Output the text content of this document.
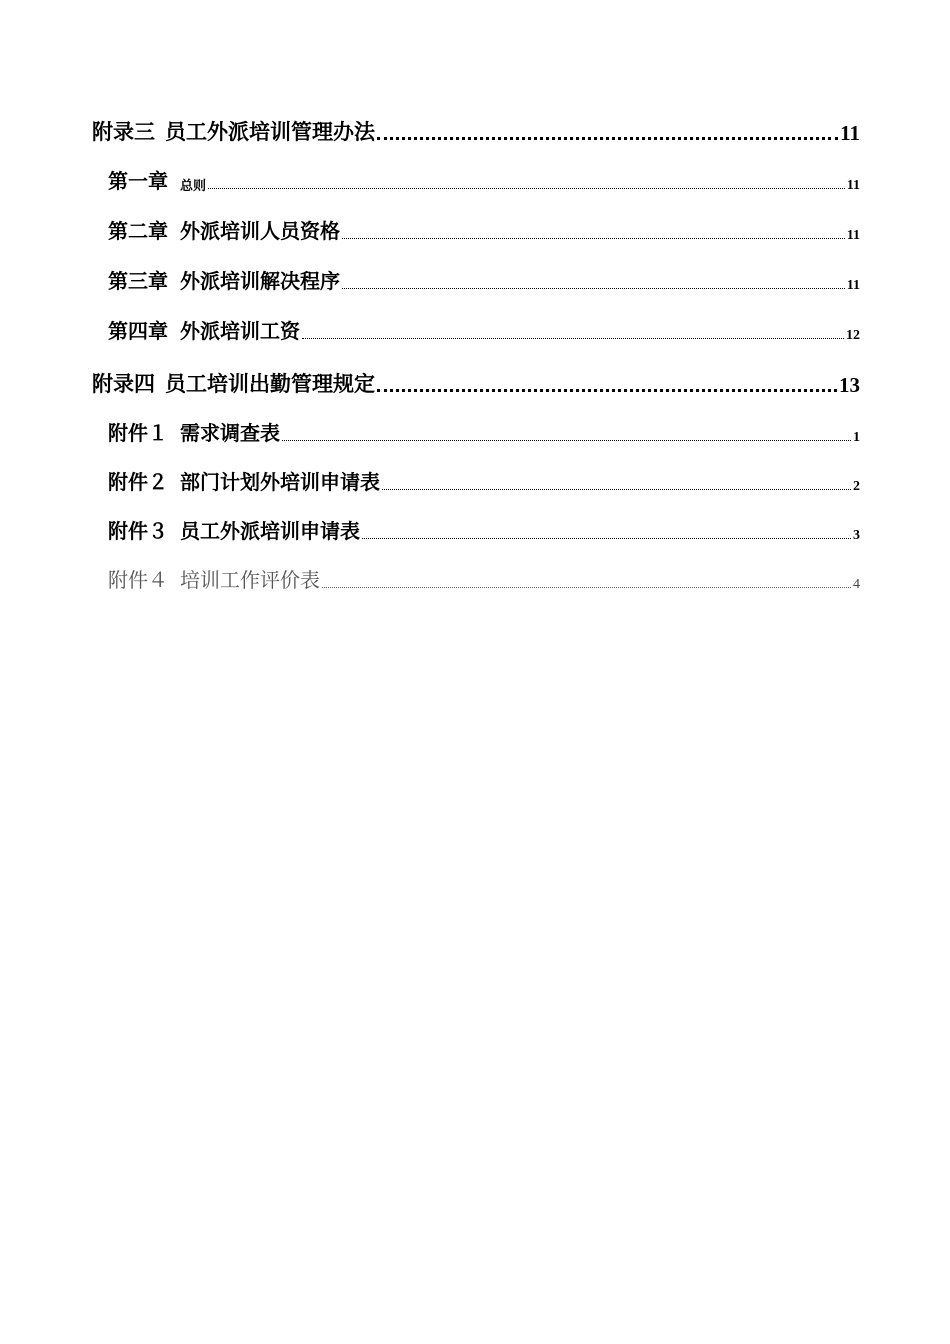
附录三 员工外派培训管理办法	11
第一章 总则	11
第二章 外派培训人员资格	11
第三章 外派培训解决程序	11
第四章 外派培训工资	12
附录四 员工培训出勤管理规定	13
附件１ 需求调查表	1
附件２ 部门计划外培训申请表	2
附件３ 员工外派培训申请表	3
附件４ 培训工作评价表	4
